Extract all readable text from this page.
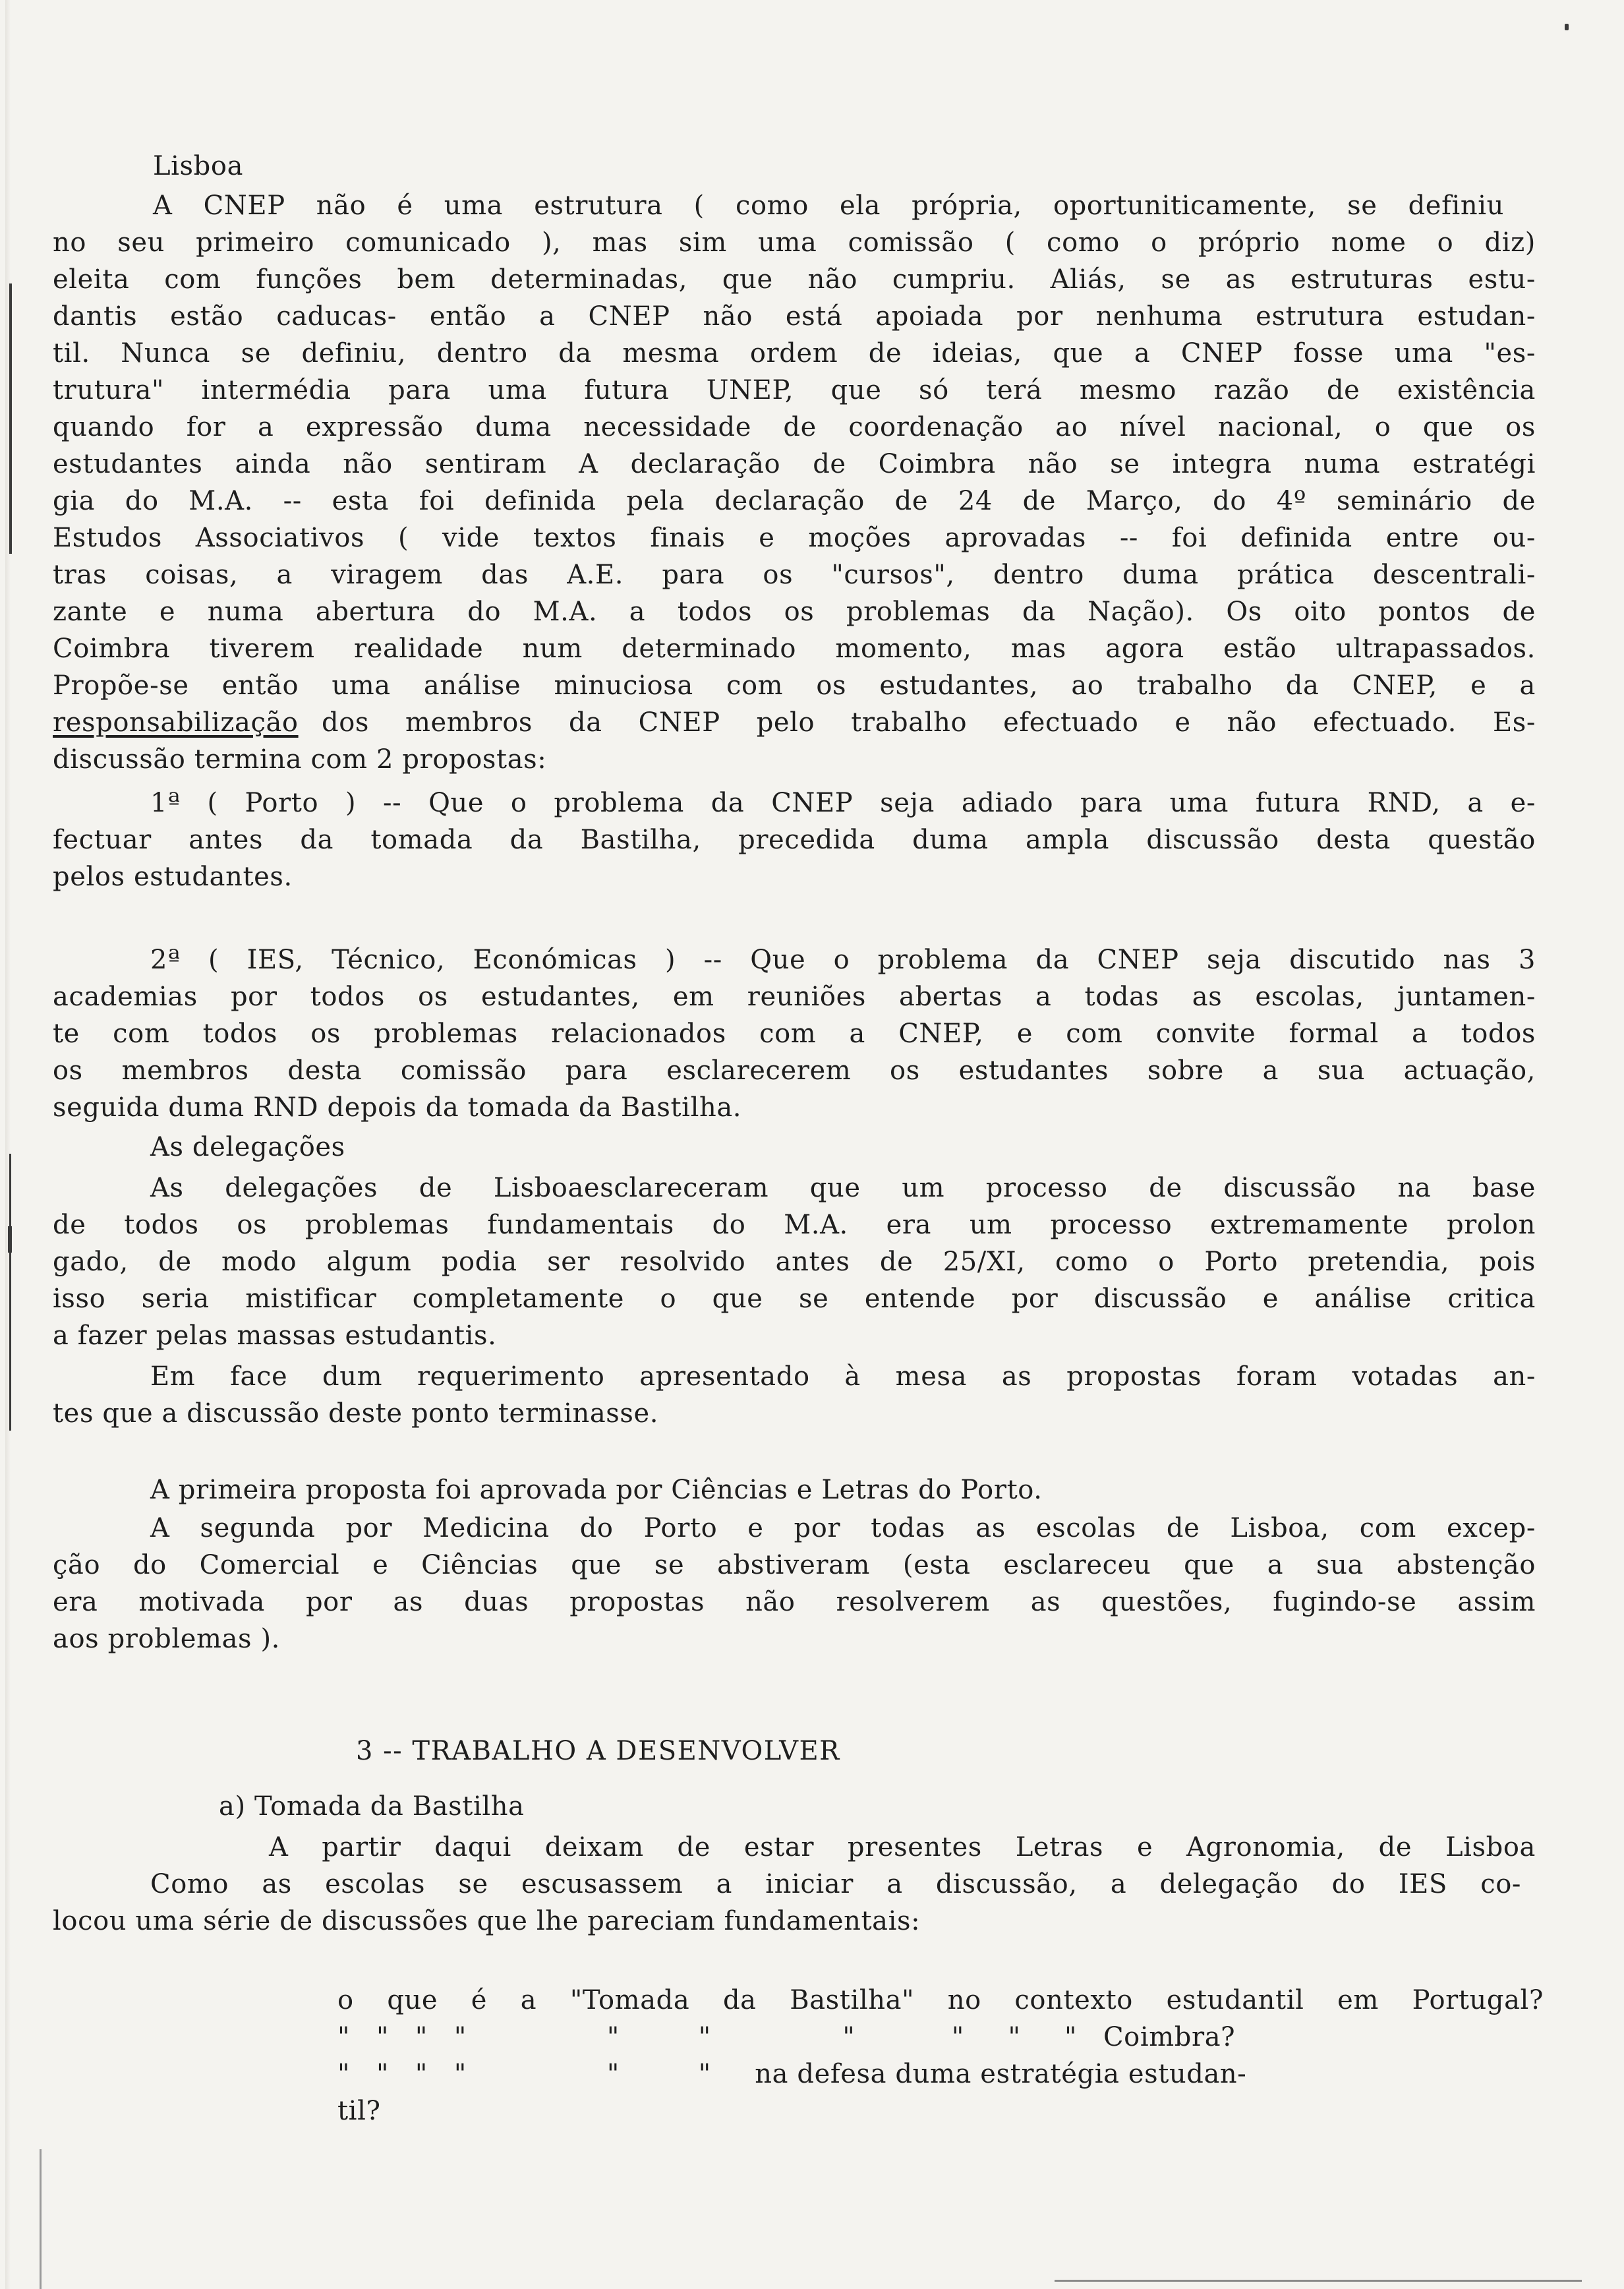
Lisboa
A CNEP não é uma estrutura ( como ela própria, oportuniticamente, se definiu
no seu primeiro comunicado ), mas sim uma comissão ( como o próprio nome o diz)
eleita com funções bem determinadas, que não cumpriu. Aliás, se as estruturas estu-
dantis estão caducas- então a CNEP não está apoiada por nenhuma estrutura estudan-
til. Nunca se definiu, dentro da mesma ordem de ideias, que a CNEP fosse uma "es-
trutura" intermédia para uma futura UNEP, que só terá mesmo razão de existência
quando for a expressão duma necessidade de coordenação ao nível nacional, o que os
estudantes ainda não sentiram A declaração de Coimbra não se integra numa estratégi
gia do M.A. -- esta foi definida pela declaração de 24 de Março, do 4º seminário de
Estudos Associativos ( vide textos finais e moções aprovadas -- foi definida entre ou-
tras coisas, a viragem das A.E. para os "cursos", dentro duma prática descentrali-
zante e numa abertura do M.A. a todos os problemas da Nação). Os oito pontos de
Coimbra tiverem realidade num determinado momento, mas agora estão ultrapassados.
Propõe-se então uma análise minuciosa com os estudantes, ao trabalho da CNEP, e a
responsabilização dos membros da CNEP pelo trabalho efectuado e não efectuado. Es-
discussão termina com 2 propostas:
1ª ( Porto ) -- Que o problema da CNEP seja adiado para uma futura RND, a e-
fectuar antes da tomada da Bastilha, precedida duma ampla discussão desta questão
pelos estudantes.
2ª ( IES, Técnico, Económicas ) -- Que o problema da CNEP seja discutido nas 3
academias por todos os estudantes, em reuniões abertas a todas as escolas, juntamen-
te com todos os problemas relacionados com a CNEP, e com convite formal a todos
os membros desta comissão para esclarecerem os estudantes sobre a sua actuação,
seguida duma RND depois da tomada da Bastilha.
As delegações
As delegações de Lisboaesclareceram que um processo de discussão na base
de todos os problemas fundamentais do M.A. era um processo extremamente prolon
gado, de modo algum podia ser resolvido antes de 25/XI, como o Porto pretendia, pois
isso seria mistificar completamente o que se entende por discussão e análise critica
a fazer pelas massas estudantis.
Em face dum requerimento apresentado à mesa as propostas foram votadas an-
tes que a discussão deste ponto terminasse.
A primeira proposta foi aprovada por Ciências e Letras do Porto.
A segunda por Medicina do Porto e por todas as escolas de Lisboa, com excep-
ção do Comercial e Ciências que se abstiveram (esta esclareceu que a sua abstenção
era motivada por as duas propostas não resolverem as questões, fugindo-se assim
aos problemas ).
3 -- TRABALHO A DESENVOLVER
a) Tomada da Bastilha
A partir daqui deixam de estar presentes Letras e Agronomia, de Lisboa
Como as escolas se escusassem a iniciar a discussão, a delegação do IES co-
locou uma série de discussões que lhe pareciam fundamentais:
o que é a "Tomada da Bastilha" no contexto estudantil em Portugal?
"   "   "   "                "         "               "           "     "     "   Coimbra?
"   "   "   "                "         "     na defesa duma estratégia estudan-
til?
